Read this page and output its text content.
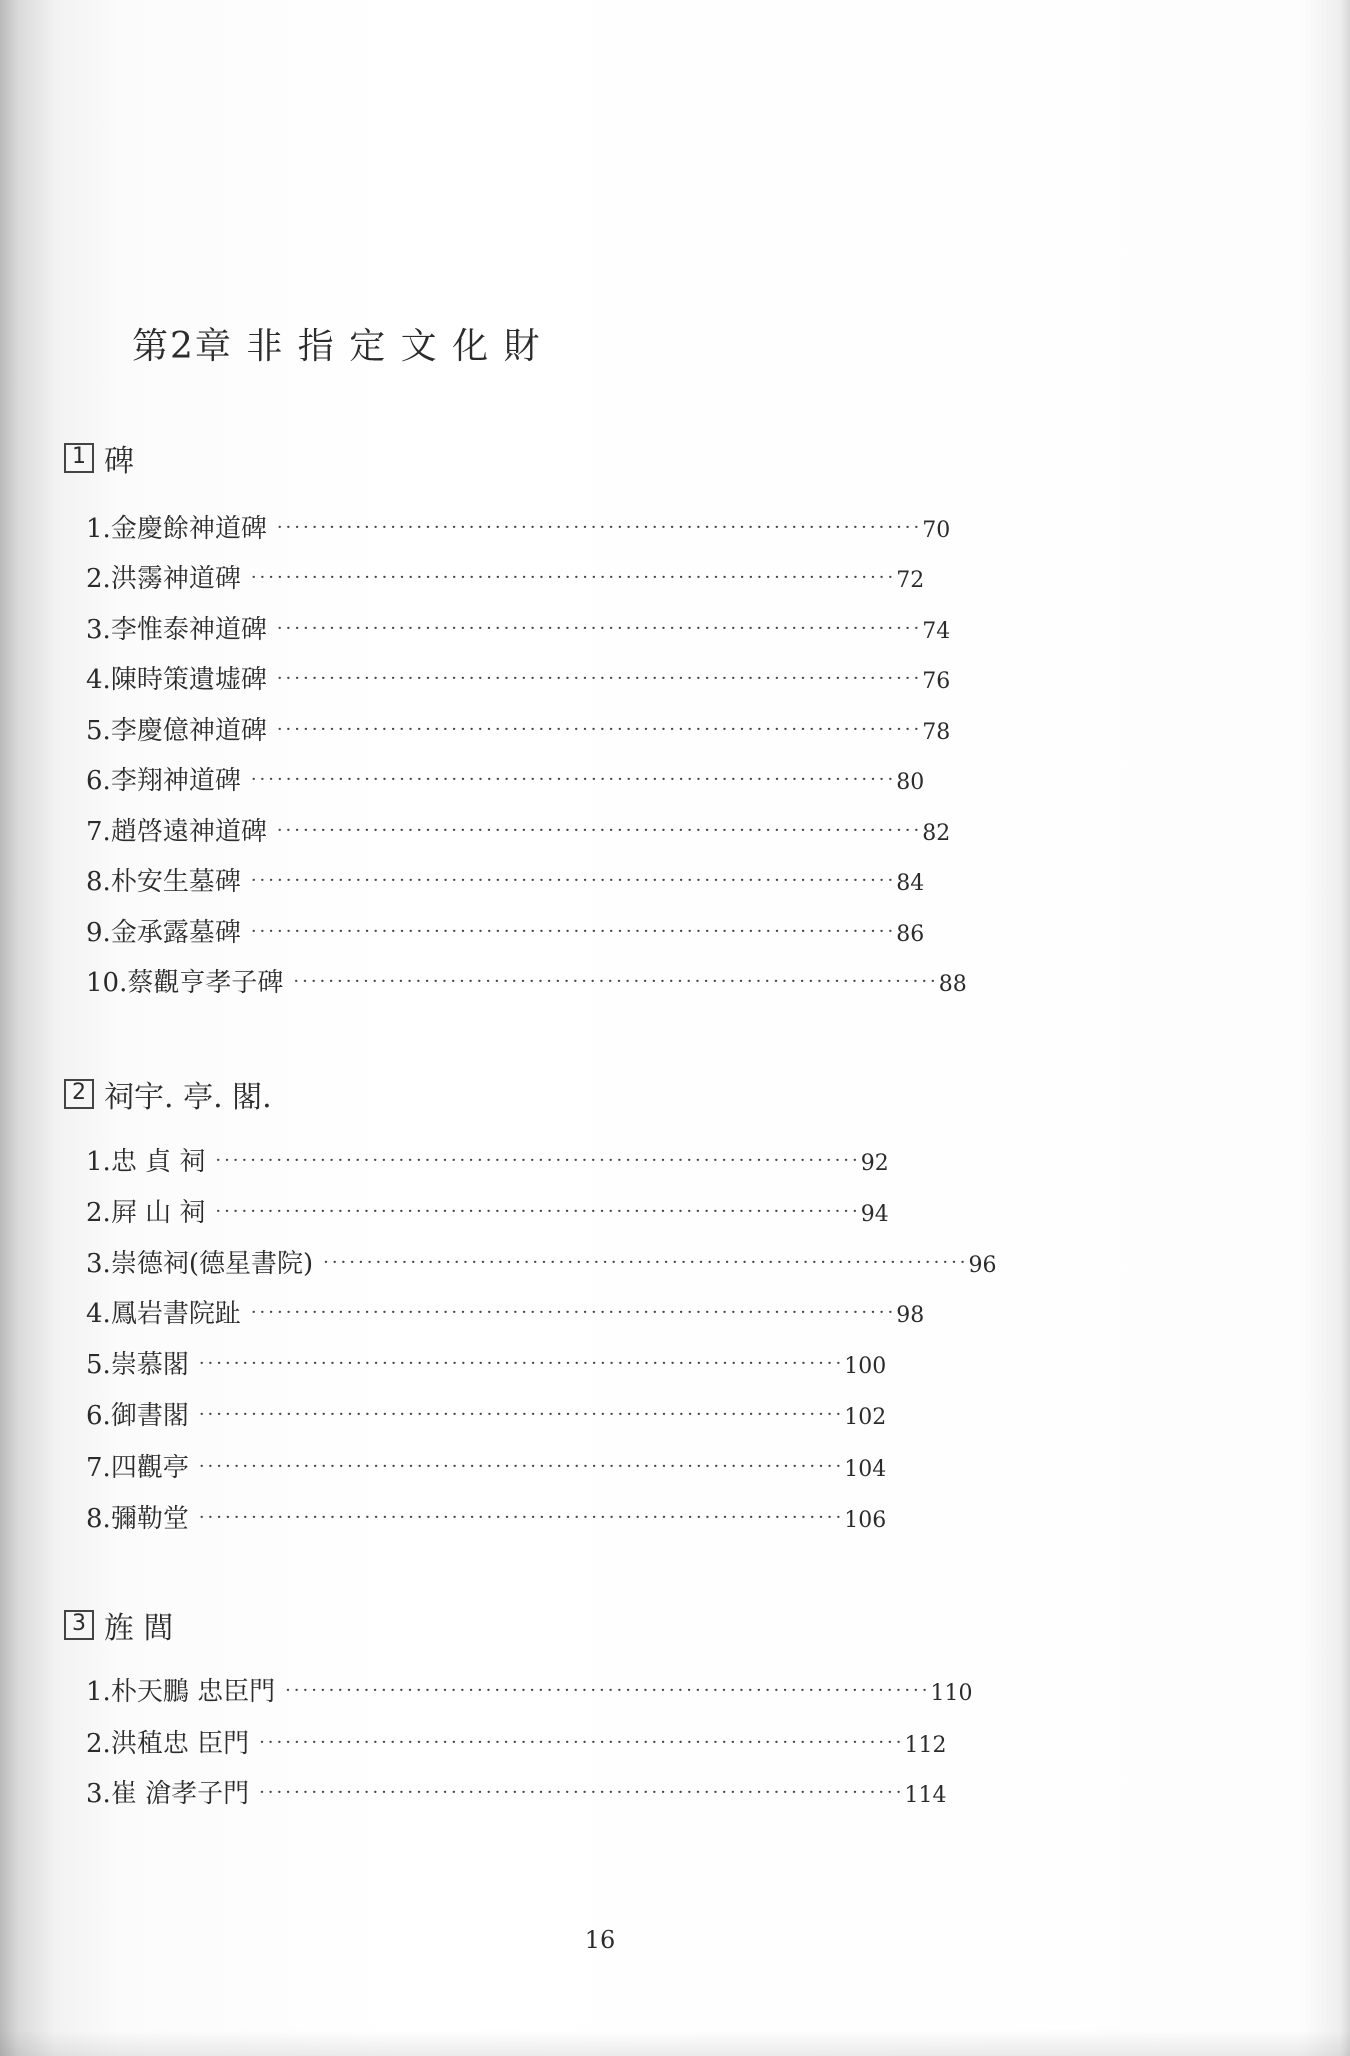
第2章 非 指 定 文 化 財
1 碑
1. 金慶餘神道碑 ·········································································· 70
2. 洪霶神道碑 ·········································································· 72
3. 李惟泰神道碑 ·········································································· 74
4. 陳時策遺墟碑 ·········································································· 76
5. 李慶億神道碑 ·········································································· 78
6. 李翔神道碑 ·········································································· 80
7. 趙啓遠神道碑 ·········································································· 82
8. 朴安生墓碑 ·········································································· 84
9. 金承露墓碑 ·········································································· 86
10. 蔡觀亨孝子碑 ·········································································· 88
2 祠宇. 亭. 閣.
1. 忠 貞 祠 ·········································································· 92
2. 屛 山 祠 ·········································································· 94
3. 崇德祠(德星書院) ·········································································· 96
4. 鳳岩書院趾 ·········································································· 98
5. 崇慕閣 ·········································································· 100
6. 御書閣 ·········································································· 102
7. 四觀亭 ·········································································· 104
8. 彌勒堂 ·········································································· 106
3 旌 閭
1. 朴天鵬 忠臣門 ·········································································· 110
2. 洪稙忠 臣門 ·········································································· 112
3. 崔 滄孝子門 ·········································································· 114
16
